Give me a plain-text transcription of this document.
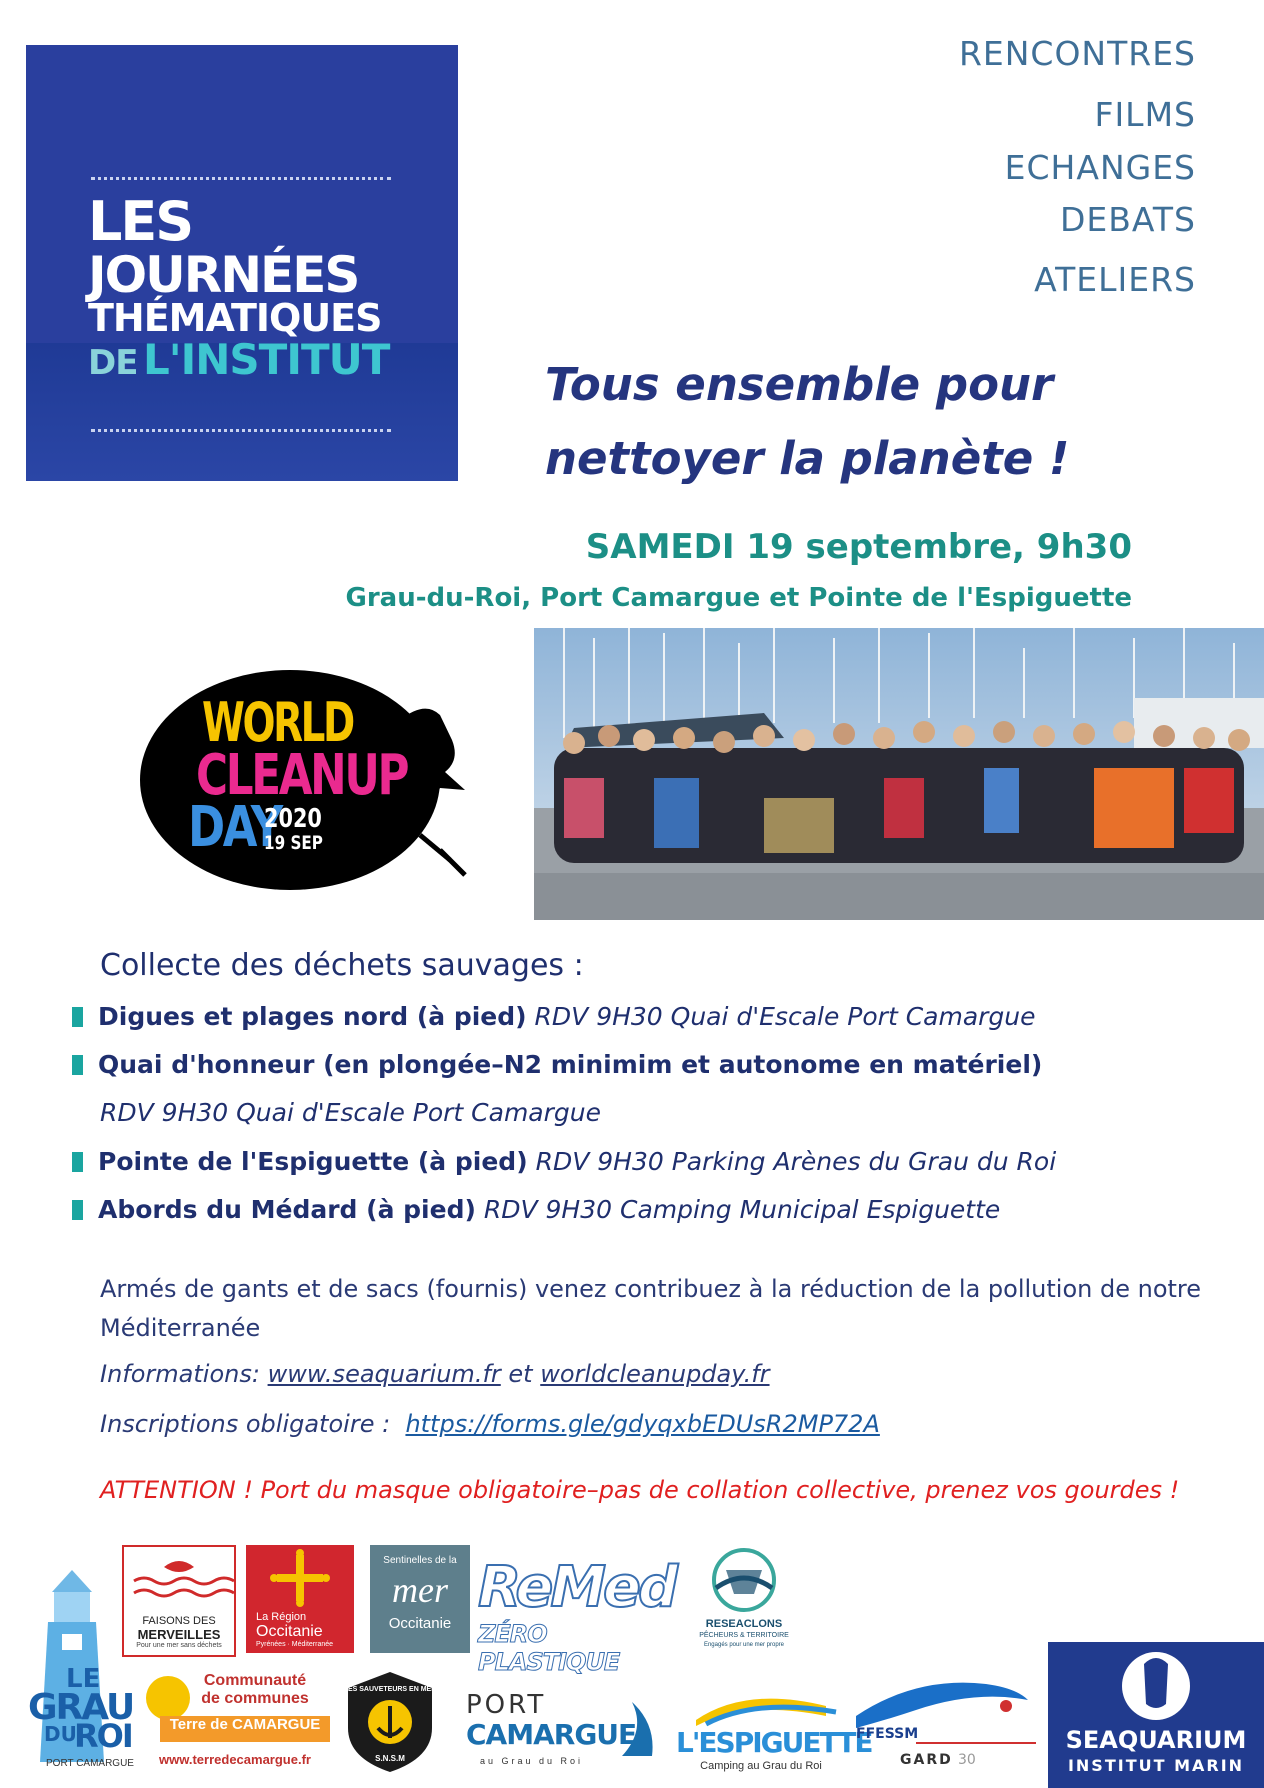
LES
JOURNÉES
THÉMATIQUES
DE L'INSTITUT
RENCONTRES
FILMS
ECHANGES
DEBATS
ATELIERS
Tous ensemble pour
nettoyer la planète !
SAMEDI 19 septembre, 9h30
Grau-du-Roi, Port Camargue et Pointe de l'Espiguette
WORLD
CLEANUP
DAY
2020
19 SEP
Collecte des déchets sauvages :
Digues et plages nord (à pied) RDV 9H30 Quai d'Escale Port Camargue
Quai d'honneur (en plongée–N2 minimim et autonome en matériel)
RDV 9H30 Quai d'Escale Port Camargue
Pointe de l'Espiguette (à pied) RDV 9H30 Parking Arènes du Grau du Roi
Abords du Médard (à pied) RDV 9H30 Camping Municipal Espiguette
Armés de gants et de sacs (fournis) venez contribuez à la réduction de la pollution de notre Méditerranée
Informations: www.seaquarium.fr et worldcleanupday.fr
Inscriptions obligatoire : https://forms.gle/gdyqxbEDUsR2MP72A
ATTENTION ! Port du masque obligatoire–pas de collation collective, prenez vos gourdes !
LE
GRAU
DU
ROI
PORT CAMARGUE
FAISONS DES
MERVEILLES
Pour une mer sans déchets
La Région
Occitanie
Pyrénées · Méditerranée
Sentinelles de la
mer
Occitanie
ReMed
ZÉRO PLASTIQUE
RESEACLONS
PÊCHEURS & TERRITOIRE
Engagés pour une mer propre
SEAQUARIUM
INSTITUT MARIN
Communauté
de communes
Terre de CAMARGUE
www.terredecamargue.fr
LES SAUVETEURS EN MER
S.N.S.M
PORT
CAMARGUE
au Grau du Roi
L'ESPIGUETTE
Camping au Grau du Roi
FFESSM
GARD 30
